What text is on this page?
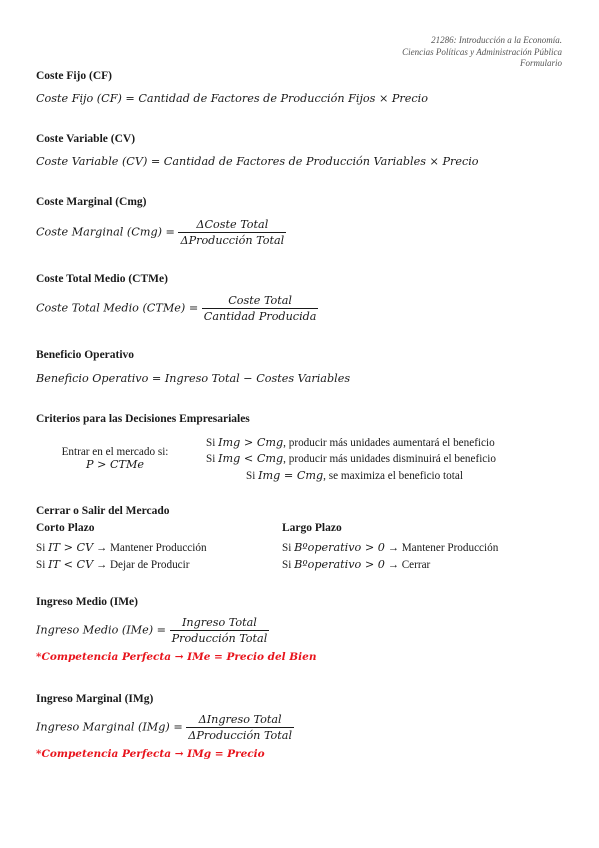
21286: Introducción a la Economía.
Ciencias Políticas y Administración Pública
Formulario
Coste Fijo (CF)
Coste Fijo (CF) = Cantidad de Factores de Producción Fijos × Precio
Coste Variable (CV)
Coste Variable (CV) = Cantidad de Factores de Producción Variables × Precio
Coste Marginal (Cmg)
Coste Marginal $(Cmg) = \frac{\text{ΔCoste Total}}{\text{ΔProducción Total}}$
Coste Total Medio (CTMe)
Coste Total Medio (CTMe) = $\frac{\text{Coste Total}}{\text{Cantidad Producida}}$
Beneficio Operativo
Beneficio Operativo = Ingreso Total − Costes Variables
Criterios para las Decisiones Empresariales
Entrar en el mercado si:
P > CTMe
Si Img > Cmg, producir más unidades aumentará el beneficio
Si Img < Cmg, producir más unidades disminuirá el beneficio
Si Img = Cmg, se maximiza el beneficio total
Cerrar o Salir del Mercado
Corto Plazo	Largo Plazo
Si IT > CV → Mantener Producción
Si IT < CV → Dejar de Producir
Si Bºoperativo > 0 → Mantener Producción
Si Bºoperativo > 0 → Cerrar
Ingreso Medio (IMe)
Ingreso Medio $(IMe) = \frac{\text{Ingreso Total}}{\text{Producción Total}}$
*Competencia Perfecta → IMe = Precio del Bien
Ingreso Marginal (IMg)
Ingreso Marginal $(IMg) = \frac{\text{ΔIngreso Total}}{\text{ΔProducción Total}}$
*Competencia Perfecta → IMg = Precio
